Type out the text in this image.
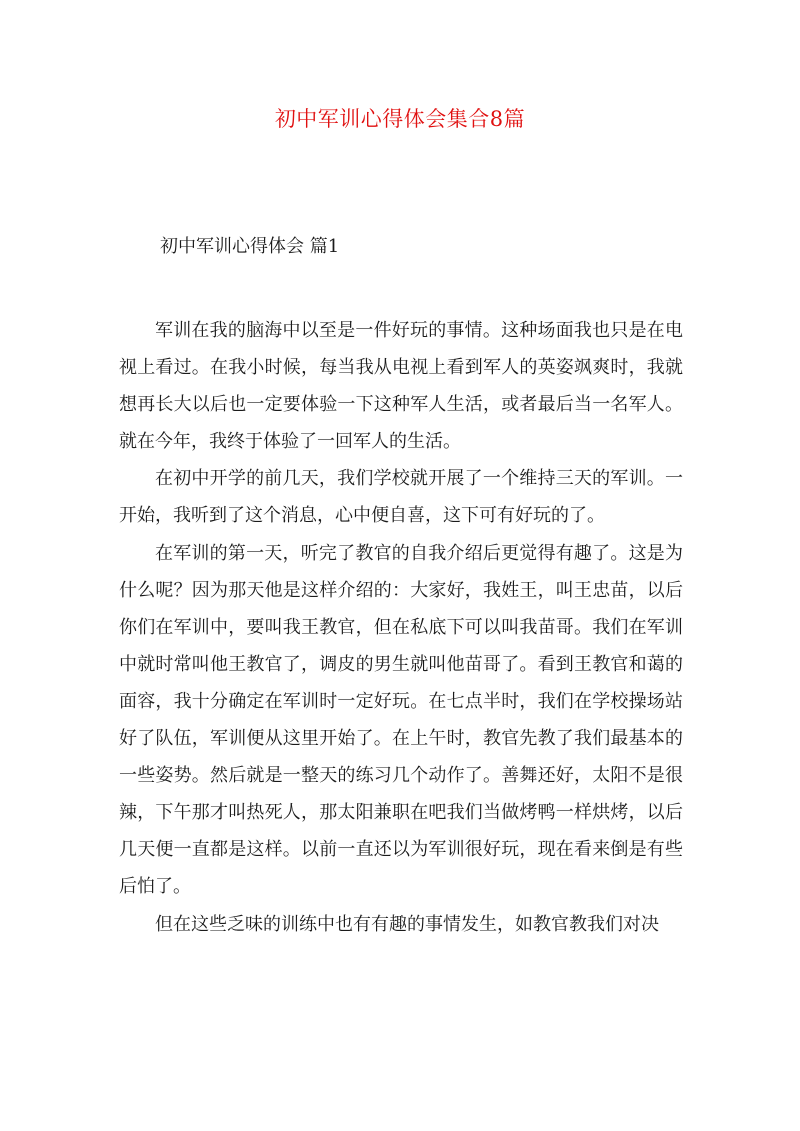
初中军训心得体会集合8篇
初中军训心得体会 篇1

军训在我的脑海中以至是一件好玩的事情。这种场面我也只是在电视上看过。在我小时候，每当我从电视上看到军人的英姿飒爽时，我就想再长大以后也一定要体验一下这种军人生活，或者最后当一名军人。就在今年，我终于体验了一回军人的生活。

在初中开学的前几天，我们学校就开展了一个维持三天的军训。一开始，我听到了这个消息，心中便自喜，这下可有好玩的了。

在军训的第一天，听完了教官的自我介绍后更觉得有趣了。这是为什么呢？因为那天他是这样介绍的：大家好，我姓王，叫王忠苗，以后你们在军训中，要叫我王教官，但在私底下可以叫我苗哥。我们在军训中就时常叫他王教官了，调皮的男生就叫他苗哥了。看到王教官和蔼的面容，我十分确定在军训时一定好玩。在七点半时，我们在学校操场站好了队伍，军训便从这里开始了。在上午时，教官先教了我们最基本的一些姿势。然后就是一整天的练习几个动作了。善舞还好，太阳不是很辣，下午那才叫热死人，那太阳兼职在吧我们当做烤鸭一样烘烤，以后几天便一直都是这样。以前一直还以为军训很好玩，现在看来倒是有些后怕了。

但在这些乏味的训练中也有有趣的事情发生，如教官教我们对决
